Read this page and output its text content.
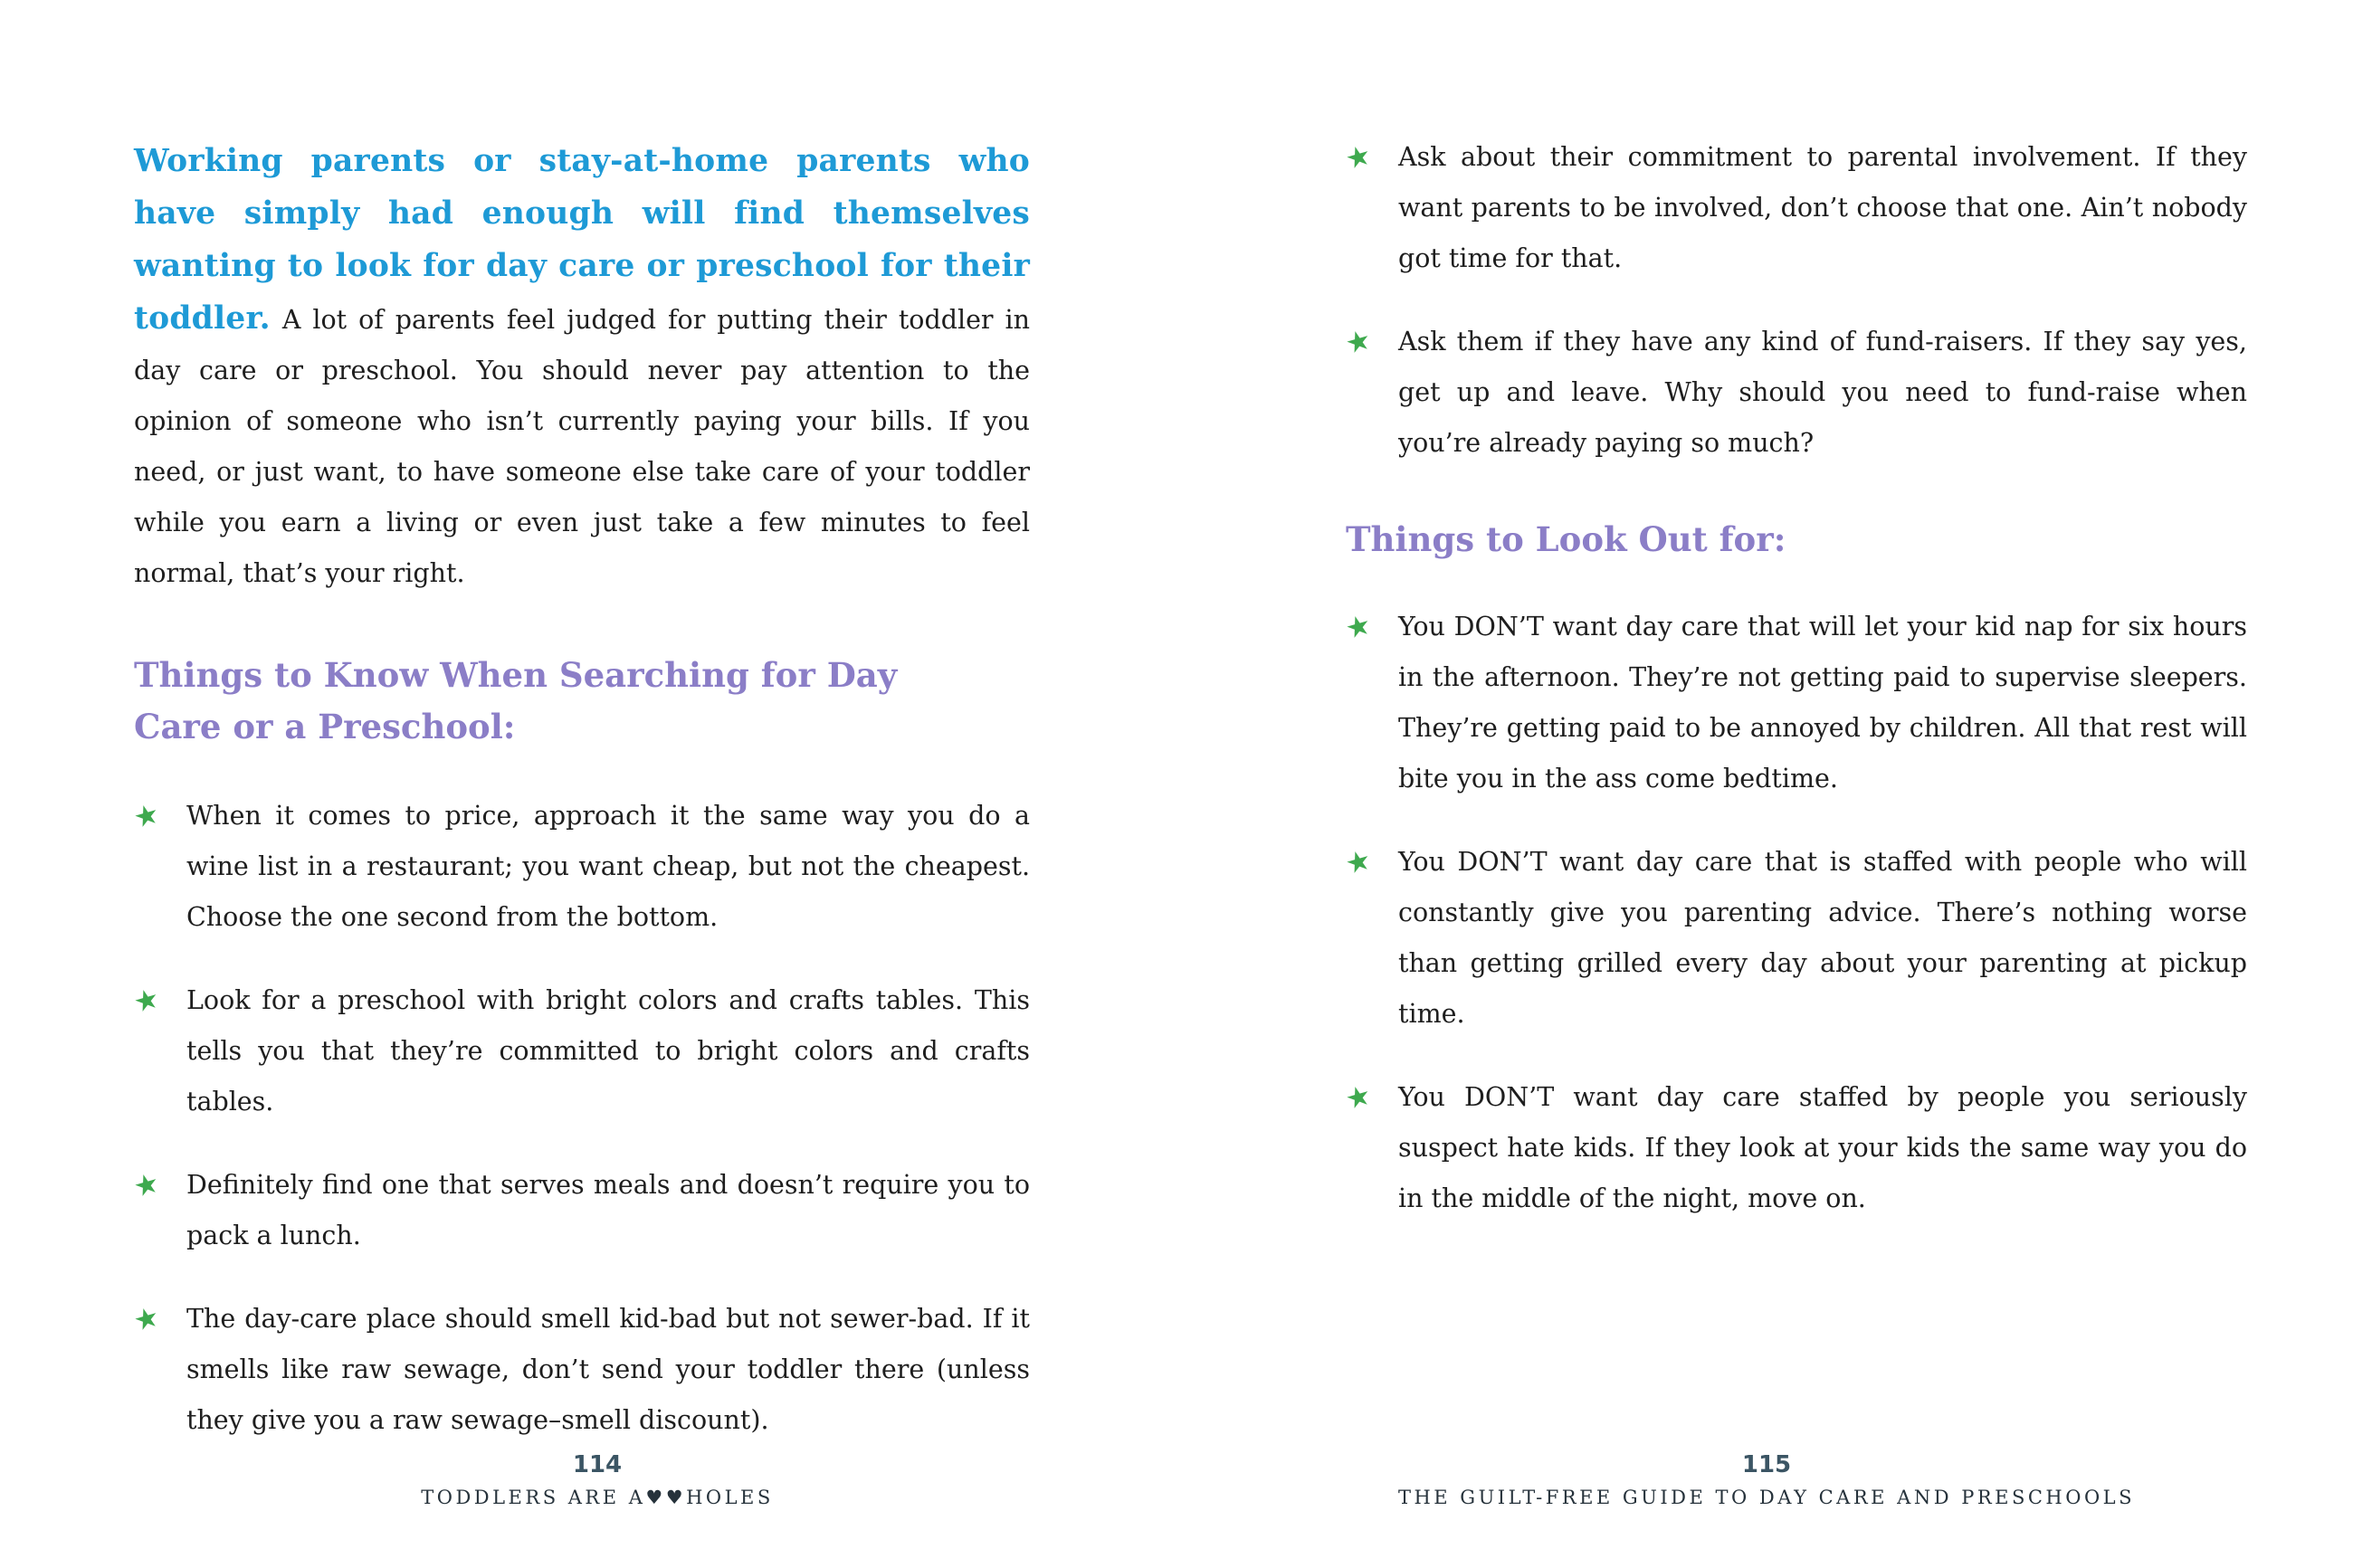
Working parents or stay-at-home parents who have simply had enough will find themselves wanting to look for day care or preschool for their toddler. A lot of parents feel judged for putting their toddler in day care or preschool. You should never pay attention to the opinion of someone who isn’t currently paying your bills. If you need, or just want, to have someone else take care of your toddler while you earn a living or even just take a few minutes to feel normal, that’s your right.

Things to Know When Searching for Day Care or a Preschool:
★ When it comes to price, approach it the same way you do a wine list in a restaurant; you want cheap, but not the cheapest. Choose the one second from the bottom.

★ Look for a preschool with bright colors and crafts tables. This tells you that they’re committed to bright colors and crafts tables.

★ Definitely find one that serves meals and doesn’t require you to pack a lunch.

★ The day-care place should smell kid-bad but not sewer-bad. If it smells like raw sewage, don’t send your toddler there (unless they give you a raw sewage–smell discount).

★ Ask about their commitment to parental involvement. If they want parents to be involved, don’t choose that one. Ain’t nobody got time for that.

★ Ask them if they have any kind of fund-raisers. If they say yes, get up and leave. Why should you need to fund-raise when you’re already paying so much?

Things to Look Out for:
★ You DON’T want day care that will let your kid nap for six hours in the afternoon. They’re not getting paid to supervise sleepers. They’re getting paid to be annoyed by children. All that rest will bite you in the ass come bedtime.

★ You DON’T want day care that is staffed with people who will constantly give you parenting advice. There’s nothing worse than getting grilled every day about your parenting at pickup time.

★ You DON’T want day care staffed by people you seriously suspect hate kids. If they look at your kids the same way you do in the middle of the night, move on.

114
TODDLERS ARE A♥♥HOLES
115
THE GUILT-FREE GUIDE TO DAY CARE AND PRESCHOOLS
